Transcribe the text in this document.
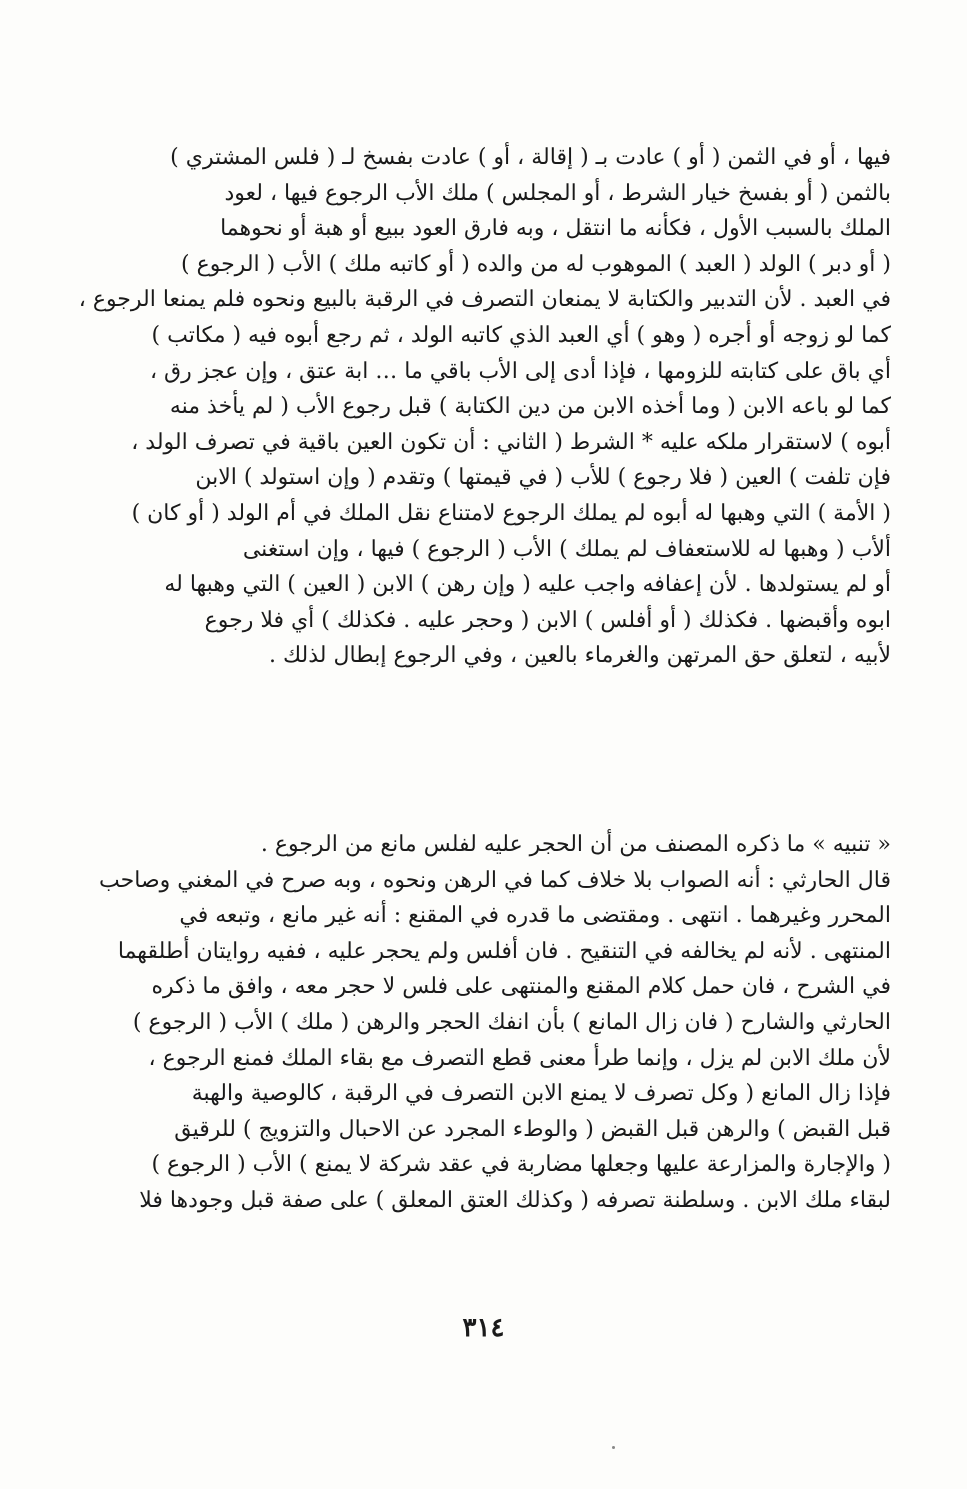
فيها ، أو في الثمن ( أو ) عادت بـ ( إقالة ، أو ) عادت بفسخ لـ ( فلس المشتري )
بالثمن ( أو بفسخ خيار الشرط ، أو المجلس ) ملك الأب الرجوع فيها ، لعود
الملك بالسبب الأول ، فكأنه ما انتقل ، وبه فارق العود ببيع أو هبة أو نحوهما
( أو دبر ) الولد ( العبد ) الموهوب له من والده ( أو كاتبه ملك ) الأب ( الرجوع )
في العبد . لأن التدبير والكتابة لا يمنعان التصرف في الرقبة بالبيع ونحوه فلم يمنعا الرجوع ،
كما لو زوجه أو أجره ( وهو ) أي العبد الذي كاتبه الولد ، ثم رجع أبوه فيه ( مكاتب )
أي باق على كتابته للزومها ، فإذا أدى إلى الأب باقي ما … ابة عتق ، وإن عجز رق ،
كما لو باعه الابن ( وما أخذه الابن من دين الكتابة ) قبل رجوع الأب ( لم يأخذ منه
أبوه ) لاستقرار ملكه عليه * الشرط ( الثاني : أن تكون العين باقية في تصرف الولد ،
فإن تلفت ) العين ( فلا رجوع ) للأب ( في قيمتها ) وتقدم ( وإن استولد ) الابن
( الأمة ) التي وهبها له أبوه لم يملك الرجوع لامتناع نقل الملك في أم الولد ( أو كان )
ألأب ( وهبها له للاستعفاف لم يملك ) الأب ( الرجوع ) فيها ، وإن استغنى
أو لم يستولدها . لأن إعفافه واجب عليه ( وإن رهن ) الابن ( العين ) التي وهبها له
ابوه وأقبضها . فكذلك ( أو أفلس ) الابن ( وحجر عليه . فكذلك ) أي فلا رجوع
لأبيه ، لتعلق حق المرتهن والغرماء بالعين ، وفي الرجوع إبطال لذلك .
« تنبيه » ما ذكره المصنف من أن الحجر عليه لفلس مانع من الرجوع .
قال الحارثي : أنه الصواب بلا خلاف كما في الرهن ونحوه ، وبه صرح في المغني وصاحب
المحرر وغيرهما . انتهى . ومقتضى ما قدره في المقنع : أنه غير مانع ، وتبعه في
المنتهى . لأنه لم يخالفه في التنقيح . فان أفلس ولم يحجر عليه ، ففيه روايتان أطلقهما
في الشرح ، فان حمل كلام المقنع والمنتهى على فلس لا حجر معه ، وافق ما ذكره
الحارثي والشارح ( فان زال المانع ) بأن انفك الحجر والرهن ( ملك ) الأب ( الرجوع )
لأن ملك الابن لم يزل ، وإنما طرأ معنى قطع التصرف مع بقاء الملك فمنع الرجوع ،
فإذا زال المانع ( وكل تصرف لا يمنع الابن التصرف في الرقبة ، كالوصية والهبة
قبل القبض ) والرهن قبل القبض ( والوطء المجرد عن الاحبال والتزويج ) للرقيق
( والإجارة والمزارعة عليها وجعلها مضاربة في عقد شركة لا يمنع ) الأب ( الرجوع )
لبقاء ملك الابن . وسلطنة تصرفه ( وكذلك العتق المعلق ) على صفة قبل وجودها فلا
٣١٤
